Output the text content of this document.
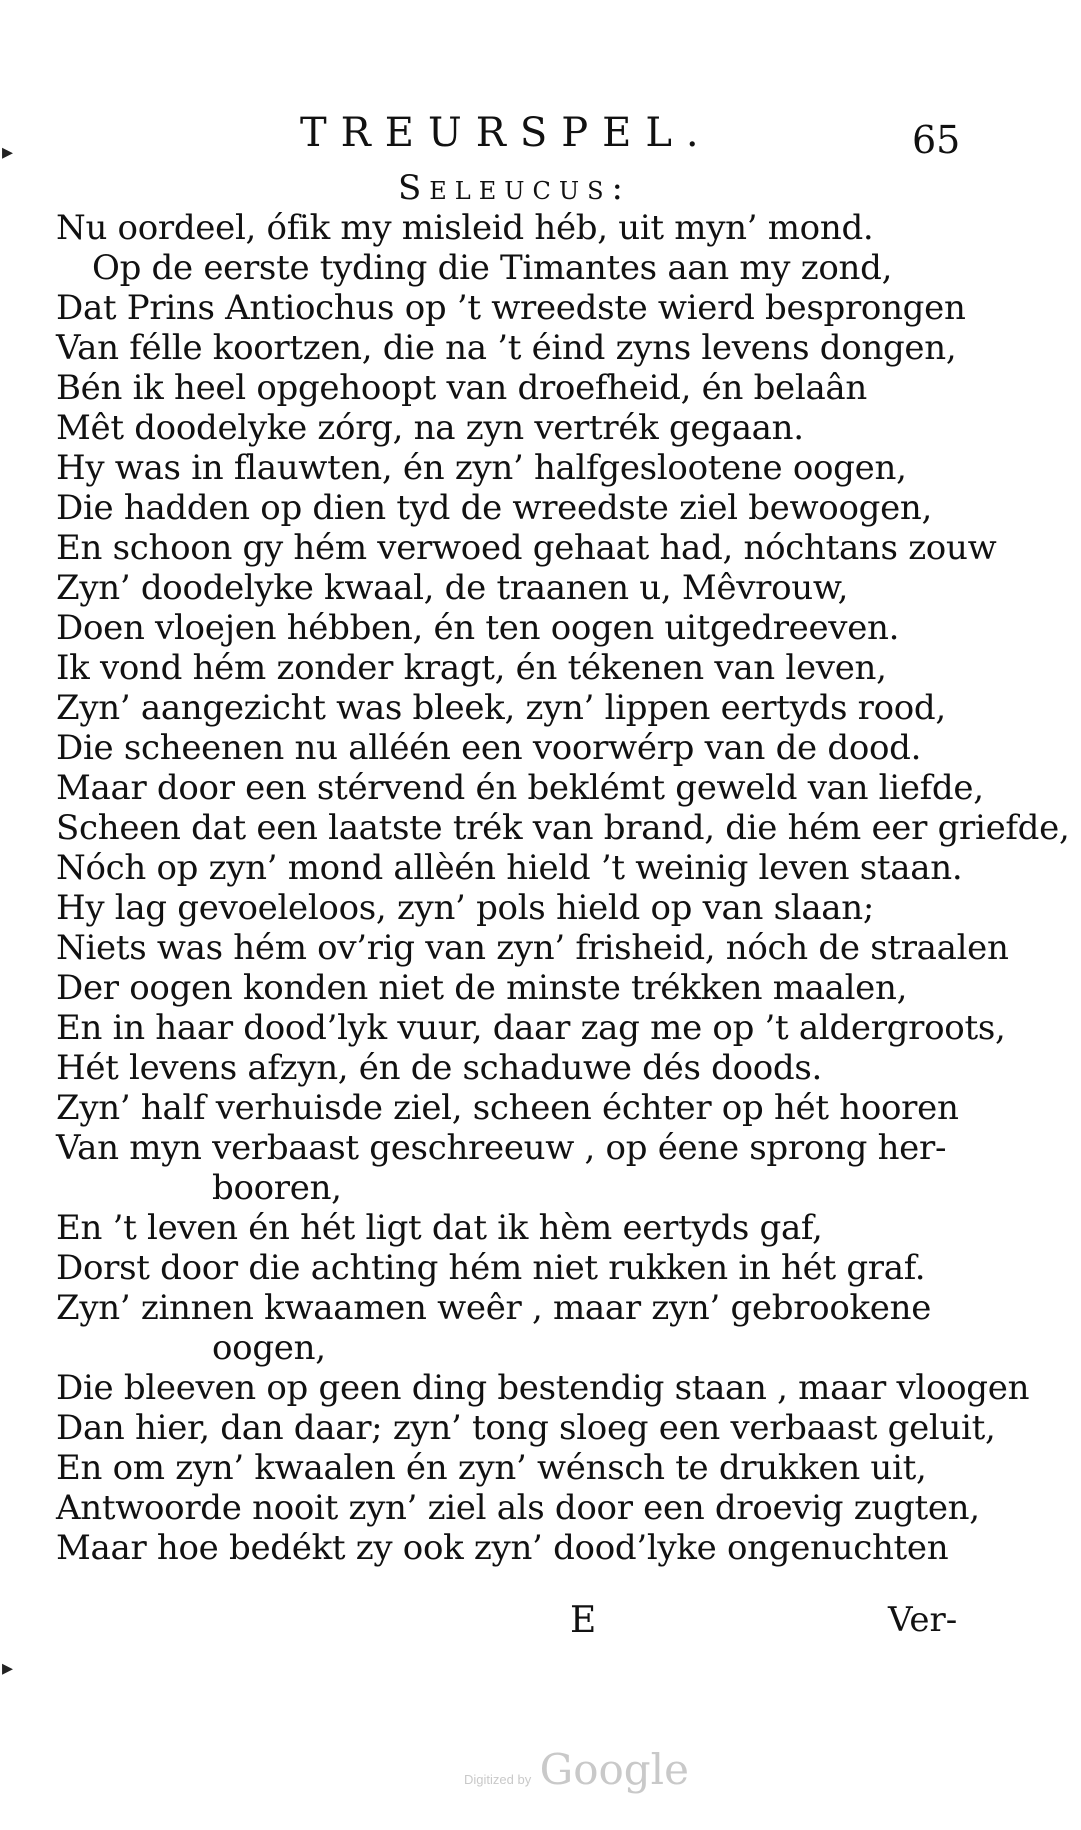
TREURSPEL.	65
Seleucus:
Nu oordeel, ófik my misleid héb, uit myn’ mond.
Op de eerste tyding die Timantes aan my zond,
Dat Prins Antiochus op ’t wreedste wierd besprongen
Van félle koortzen, die na ’t éind zyns levens dongen,
Bén ik heel opgehoopt van droefheid, én belaân
Mêt doodelyke zórg, na zyn vertrék gegaan.
Hy was in flauwten, én zyn’ halfgeslootene oogen,
Die hadden op dien tyd de wreedste ziel bewoogen,
En schoon gy hém verwoed gehaat had, nóchtans zouw
Zyn’ doodelyke kwaal, de traanen u, Mêvrouw,
Doen vloejen hébben, én ten oogen uitgedreeven.
Ik vond hém zonder kragt, én tékenen van leven,
Zyn’ aangezicht was bleek, zyn’ lippen eertyds rood,
Die scheenen nu alléén een voorwérp van de dood.
Maar door een stérvend én beklémt geweld van liefde,
Scheen dat een laatste trék van brand, die hém eer griefde,
Nóch op zyn’ mond allèén hield ’t weinig leven staan.
Hy lag gevoeleloos, zyn’ pols hield op van slaan;
Niets was hém ov’rig van zyn’ frisheid, nóch de straalen
Der oogen konden niet de minste trékken maalen,
En in haar dood’lyk vuur, daar zag me op ’t aldergroots,
Hét levens afzyn, én de schaduwe dés doods.
Zyn’ half verhuisde ziel, scheen échter op hét hooren
Van myn verbaast geschreeuw , op éene sprong her-
booren,
En ’t leven én hét ligt dat ik hèm eertyds gaf,
Dorst door die achting hém niet rukken in hét graf.
Zyn’ zinnen kwaamen weêr , maar zyn’ gebrookene
oogen,
Die bleeven op geen ding bestendig staan , maar vloogen
Dan hier, dan daar; zyn’ tong sloeg een verbaast geluit,
En om zyn’ kwaalen én zyn’ wénsch te drukken uit,
Antwoorde nooit zyn’ ziel als door een droevig zugten,
Maar hoe bedékt zy ook zyn’ dood’lyke ongenuchten
E	Ver-
Digitized by Google
▸
▸
